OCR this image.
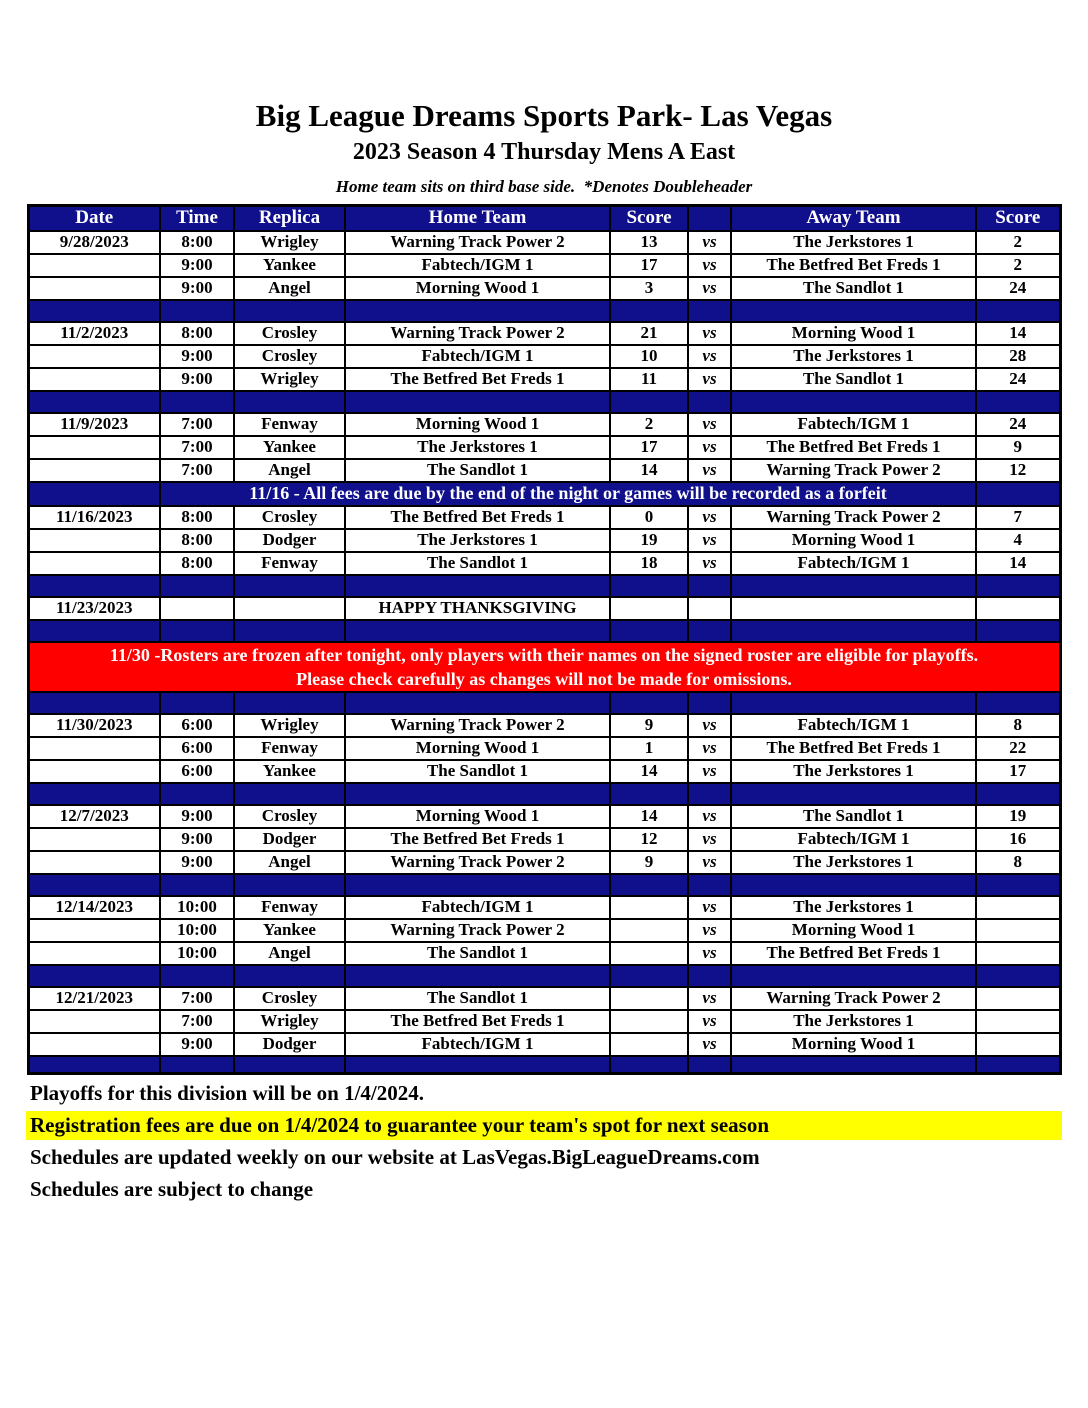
Big League Dreams Sports Park- Las Vegas
2023 Season 4 Thursday Mens A East
Home team sits on third base side.  *Denotes Doubleheader
Date	Time	Replica	Home Team	Score		Away Team	Score
9/28/2023	8:00	Wrigley	Warning Track Power 2	13	vs	The Jerkstores 1	2
	9:00	Yankee	Fabtech/IGM 1	17	vs	The Betfred Bet Freds 1	2
	9:00	Angel	Morning Wood 1	3	vs	The Sandlot 1	24

11/2/2023	8:00	Crosley	Warning Track Power 2	21	vs	Morning Wood 1	14
	9:00	Crosley	Fabtech/IGM 1	10	vs	The Jerkstores 1	28
	9:00	Wrigley	The Betfred Bet Freds 1	11	vs	The Sandlot 1	24

11/9/2023	7:00	Fenway	Morning Wood 1	2	vs	Fabtech/IGM 1	24
	7:00	Yankee	The Jerkstores 1	17	vs	The Betfred Bet Freds 1	9
	7:00	Angel	The Sandlot 1	14	vs	Warning Track Power 2	12
	11/16 - All fees are due by the end of the night or games will be recorded as a forfeit						
11/16/2023	8:00	Crosley	The Betfred Bet Freds 1	0	vs	Warning Track Power 2	7
	8:00	Dodger	The Jerkstores 1	19	vs	Morning Wood 1	4
	8:00	Fenway	The Sandlot 1	18	vs	Fabtech/IGM 1	14

11/23/2023			HAPPY THANKSGIVING				

11/30 -Rosters are frozen after tonight, only players with their names on the signed roster are eligible for playoffs.
Please check carefully as changes will not be made for omissions.							

11/30/2023	6:00	Wrigley	Warning Track Power 2	9	vs	Fabtech/IGM 1	8
	6:00	Fenway	Morning Wood 1	1	vs	The Betfred Bet Freds 1	22
	6:00	Yankee	The Sandlot 1	14	vs	The Jerkstores 1	17

12/7/2023	9:00	Crosley	Morning Wood 1	14	vs	The Sandlot 1	19
	9:00	Dodger	The Betfred Bet Freds 1	12	vs	Fabtech/IGM 1	16
	9:00	Angel	Warning Track Power 2	9	vs	The Jerkstores 1	8

12/14/2023	10:00	Fenway	Fabtech/IGM 1		vs	The Jerkstores 1	
	10:00	Yankee	Warning Track Power 2		vs	Morning Wood 1	
	10:00	Angel	The Sandlot 1		vs	The Betfred Bet Freds 1	

12/21/2023	7:00	Crosley	The Sandlot 1		vs	Warning Track Power 2	
	7:00	Wrigley	The Betfred Bet Freds 1		vs	The Jerkstores 1	
	9:00	Dodger	Fabtech/IGM 1		vs	Morning Wood 1	

Playoffs for this division will be on 1/4/2024.
Registration fees are due on 1/4/2024 to guarantee your team's spot for next season
Schedules are updated weekly on our website at LasVegas.BigLeagueDreams.com
Schedules are subject to change
